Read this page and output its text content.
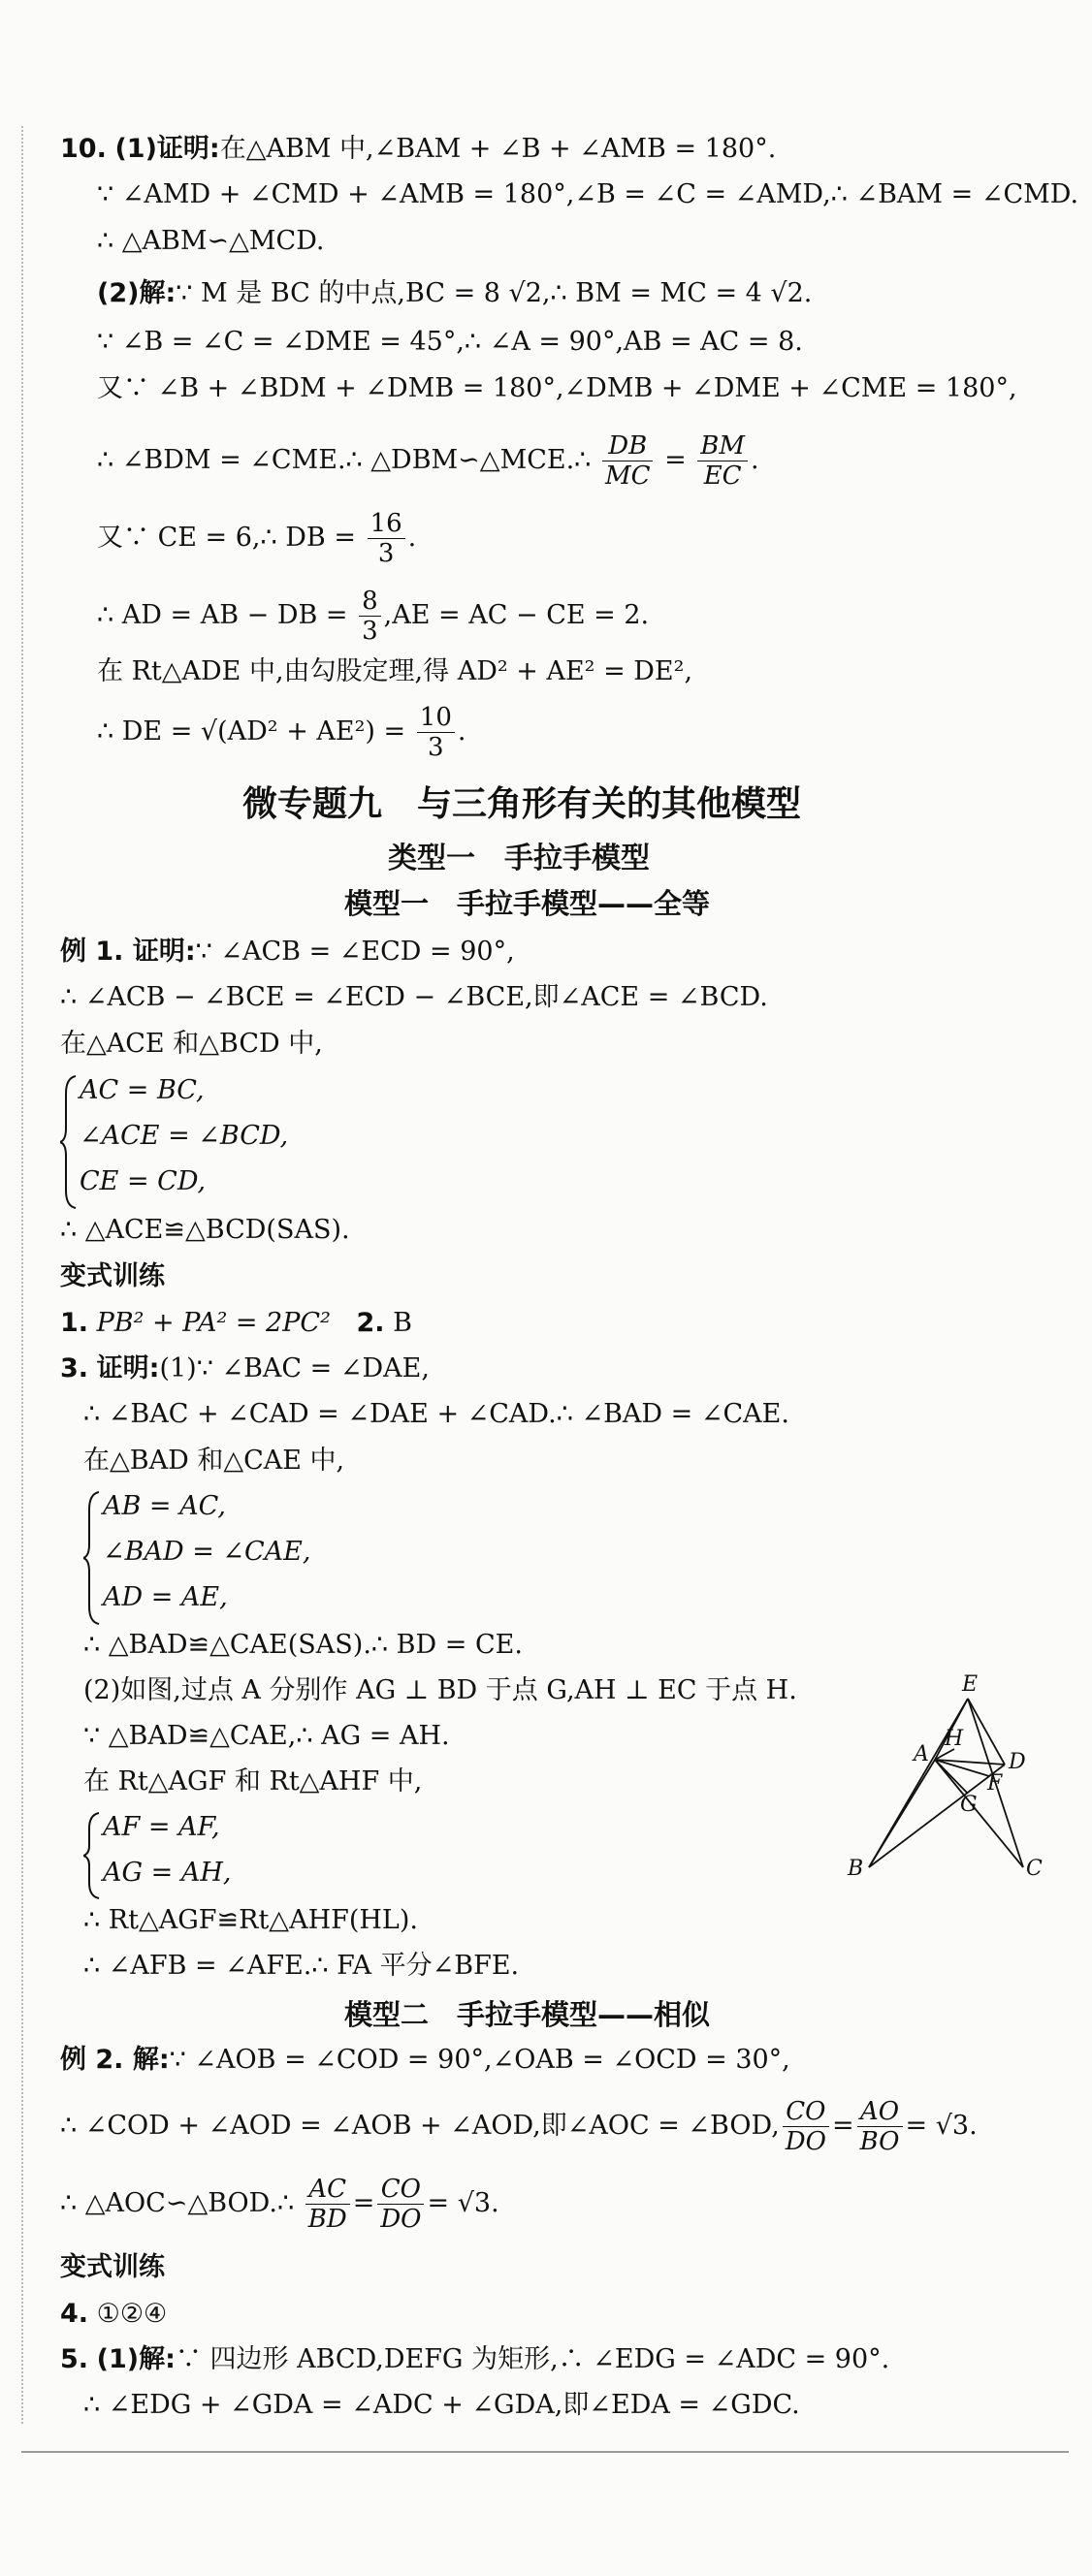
10. (1)证明:在△ABM 中,∠BAM + ∠B + ∠AMB = 180°.
∵ ∠AMD + ∠CMD + ∠AMB = 180°,∠B = ∠C = ∠AMD,∴ ∠BAM = ∠CMD.
∴ △ABM∽△MCD.
(2)解:∵ M 是 BC 的中点,BC = 8 √2,∴ BM = MC = 4 √2.
∵ ∠B = ∠C = ∠DME = 45°,∴ ∠A = 90°,AB = AC = 8.
又∵ ∠B + ∠BDM + ∠DMB = 180°,∠DMB + ∠DME + ∠CME = 180°,
∴ ∠BDM = ∠CME.∴ △DBM∽△MCE.∴ $\frac{DB}{MC} = \frac{BM}{EC}$ .
又∵ CE = 6,∴ DB = $\frac{16}{3}$ .
∴ AD = AB − DB = $\frac{8}{3} ,AE$ = AC − CE = 2.
在 Rt△ADE 中,由勾股定理,得 AD² + AE² = DE²,
∴ DE = $√(AD^2 + AE^2) = \frac{10}{3}$ .
微专题九　与三角形有关的其他模型
类型一　手拉手模型
模型一　手拉手模型——全等
例 1. 证明:∵ ∠ACB = ∠ECD = 90°,
∴ ∠ACB − ∠BCE = ∠ECD − ∠BCE,即∠ACE = ∠BCD.
在△ACE 和△BCD 中,
AC = BC,
∠ACE = ∠BCD,
CE = CD,
∴ △ACE≌△BCD(SAS).
变式训练
1. PB² + PA² = 2PC² 2. B
3. 证明:(1)∵ ∠BAC = ∠DAE,
∴ ∠BAC + ∠CAD = ∠DAE + ∠CAD.∴ ∠BAD = ∠CAE.
在△BAD 和△CAE 中,
AB = AC,
∠BAD = ∠CAE,
AD = AE,
∴ △BAD≌△CAE(SAS).∴ BD = CE.
(2)如图,过点 A 分别作 AG ⊥ BD 于点 G,AH ⊥ EC 于点 H.
∵ △BAD≌△CAE,∴ AG = AH.
在 Rt△AGF 和 Rt△AHF 中,
AF = AF,
AG = AH,
∴ Rt△AGF≌Rt△AHF(HL).
∴ ∠AFB = ∠AFE.∴ FA 平分∠BFE.
E
A
H
D
F
G
B	C
模型二　手拉手模型——相似
例 2. 解:∵ ∠AOB = ∠COD = 90°,∠OAB = ∠OCD = 30°,
∴ ∠COD + ∠AOD = ∠AOB + ∠AOD,即∠AOC = ∠BOD, $\frac{CO}{DO} = \frac{AO}{BO} = √3$.
∴ △AOC∽△BOD.∴ $\frac{AC}{BD} = \frac{CO}{DO} = √3$.
变式训练
4. ①②④
5. (1)解:∵ 四边形 ABCD,DEFG 为矩形,∴ ∠EDG = ∠ADC = 90°.
∴ ∠EDG + ∠GDA = ∠ADC + ∠GDA,即∠EDA = ∠GDC.
